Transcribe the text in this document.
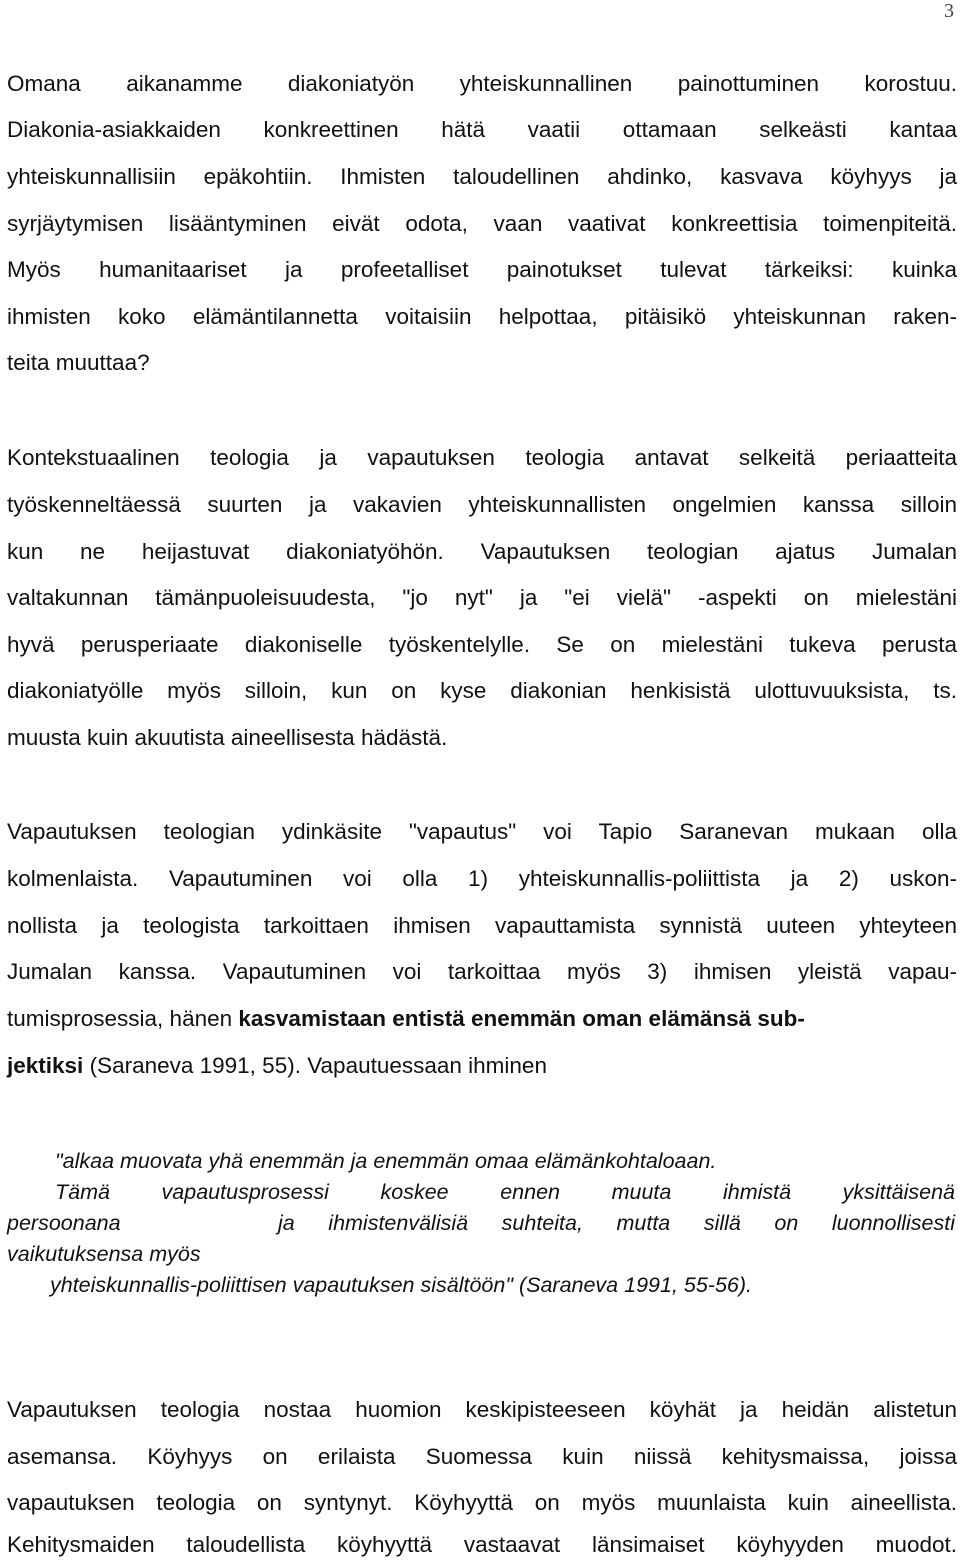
3
Omana aikanamme diakoniatyön yhteiskunnallinen painottuminen korostuu.
Diakonia-asiakkaiden konkreettinen hätä vaatii ottamaan selkeästi kantaa
yhteiskunnallisiin epäkohtiin. Ihmisten taloudellinen ahdinko, kasvava köyhyys ja
syrjäytymisen lisääntyminen eivät odota, vaan vaativat konkreettisia toimenpiteitä.
Myös humanitaariset ja profeetalliset painotukset tulevat tärkeiksi: kuinka
ihmisten koko elämäntilannetta voitaisiin helpottaa, pitäisikö yhteiskunnan raken-
teita muuttaa?
Kontekstuaalinen teologia ja vapautuksen teologia antavat selkeitä periaatteita
työskenneltäessä suurten ja vakavien yhteiskunnallisten ongelmien kanssa silloin
kun ne heijastuvat diakoniatyöhön. Vapautuksen teologian ajatus Jumalan
valtakunnan tämänpuoleisuudesta, "jo nyt" ja "ei vielä" -aspekti on mielestäni
hyvä perusperiaate diakoniselle työskentelylle. Se on mielestäni tukeva perusta
diakoniatyölle myös silloin, kun on kyse diakonian henkisistä ulottuvuuksista, ts.
muusta kuin akuutista aineellisesta hädästä.
Vapautuksen teologian ydinkäsite "vapautus" voi Tapio Saranevan mukaan olla
kolmenlaista. Vapautuminen voi olla 1) yhteiskunnallis-poliittista ja 2) uskon-
nollista ja teologista tarkoittaen ihmisen vapauttamista synnistä uuteen yhteyteen
Jumalan kanssa. Vapautuminen voi tarkoittaa myös 3) ihmisen yleistä vapau-
tumisprosessia, hänen kasvamistaan entistä enemmän oman elämänsä sub-
jektiksi (Saraneva 1991, 55). Vapautuessaan ihminen
"alkaa muovata yhä enemmän ja enemmän omaa elämänkohtaloaan.
Tämä vapautusprosessi koskee ennen muuta ihmistä yksittäisenä
persoonana	ja ihmistenvälisiä suhteita, mutta sillä on luonnollisesti
vaikutuksensa myös
yhteiskunnallis-poliittisen vapautuksen sisältöön" (Saraneva 1991, 55-56).
Vapautuksen teologia nostaa huomion keskipisteeseen köyhät ja heidän alistetun
asemansa. Köyhyys on erilaista Suomessa kuin niissä kehitysmaissa, joissa
vapautuksen teologia on syntynyt. Köyhyyttä on myös muunlaista kuin aineellista.
Kehitysmaiden taloudellista köyhyyttä vastaavat länsimaiset köyhyyden muodot.
